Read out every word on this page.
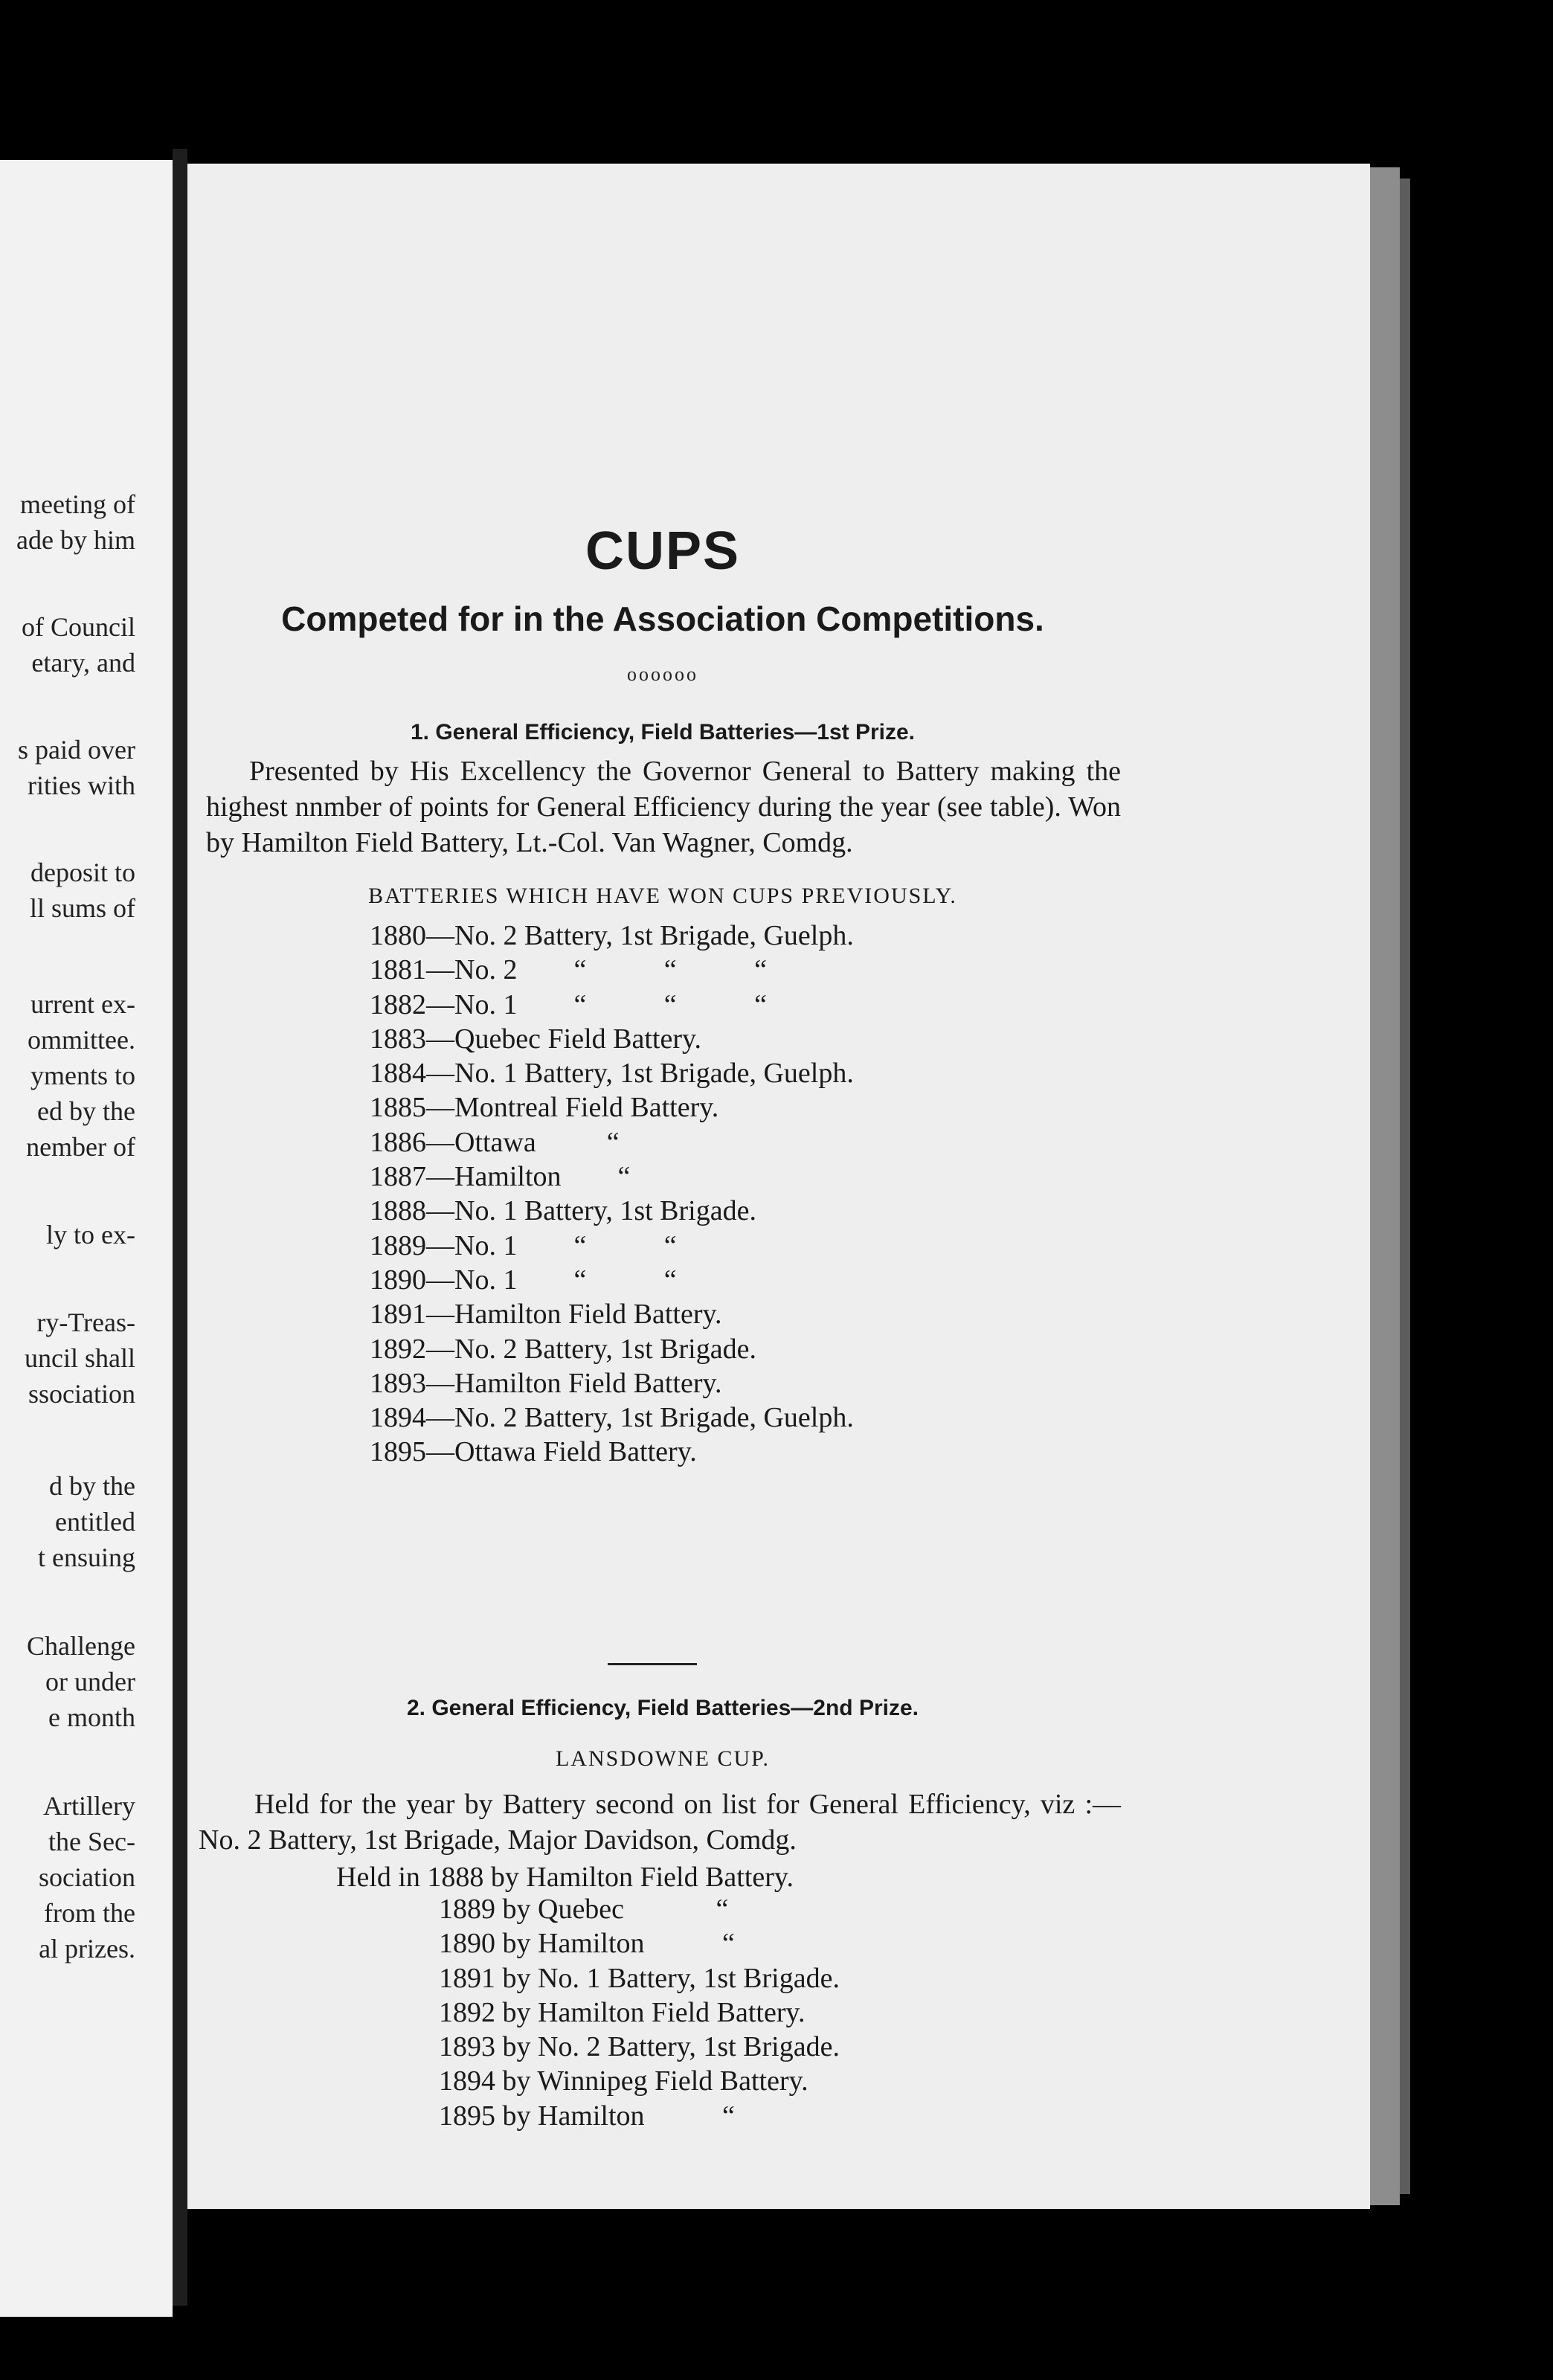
meeting of
ade by him
of Council
etary, and
s paid over
rities with
deposit to
ll sums of
urrent ex-
ommittee.
yments to
ed by the
nember of
ly to ex-
ry-Treas-
uncil shall
ssociation
d by the
entitled
t ensuing
Challenge
or under
e month
Artillery
the Sec-
sociation
from the
al prizes.
CUPS
Competed for in the Association Competitions.
oooooo
1. General Efficiency, Field Batteries—1st Prize.
Presented by His Excellency the Governor General to Battery making the highest nnmber of points for General Efficiency during the year (see table). Won by Hamilton Field Battery, Lt.-Col. Van Wagner, Comdg.
BATTERIES WHICH HAVE WON CUPS PREVIOUSLY.
1880—No. 2 Battery, 1st Brigade, Guelph.
1881—No. 2        “           “           “
1882—No. 1        “           “           “
1883—Quebec Field Battery.
1884—No. 1 Battery, 1st Brigade, Guelph.
1885—Montreal Field Battery.
1886—Ottawa          “
1887—Hamilton        “
1888—No. 1 Battery, 1st Brigade.
1889—No. 1        “           “
1890—No. 1        “           “
1891—Hamilton Field Battery.
1892—No. 2 Battery, 1st Brigade.
1893—Hamilton Field Battery.
1894—No. 2 Battery, 1st Brigade, Guelph.
1895—Ottawa Field Battery.
2. General Efficiency, Field Batteries—2nd Prize.
LANSDOWNE CUP.
Held for the year by Battery second on list for General Efficiency, viz :—No. 2 Battery, 1st Brigade, Major Davidson, Comdg.
Held in 1888 by Hamilton Field Battery.
1889 by Quebec             “
1890 by Hamilton           “
1891 by No. 1 Battery, 1st Brigade.
1892 by Hamilton Field Battery.
1893 by No. 2 Battery, 1st Brigade.
1894 by Winnipeg Field Battery.
1895 by Hamilton           “
